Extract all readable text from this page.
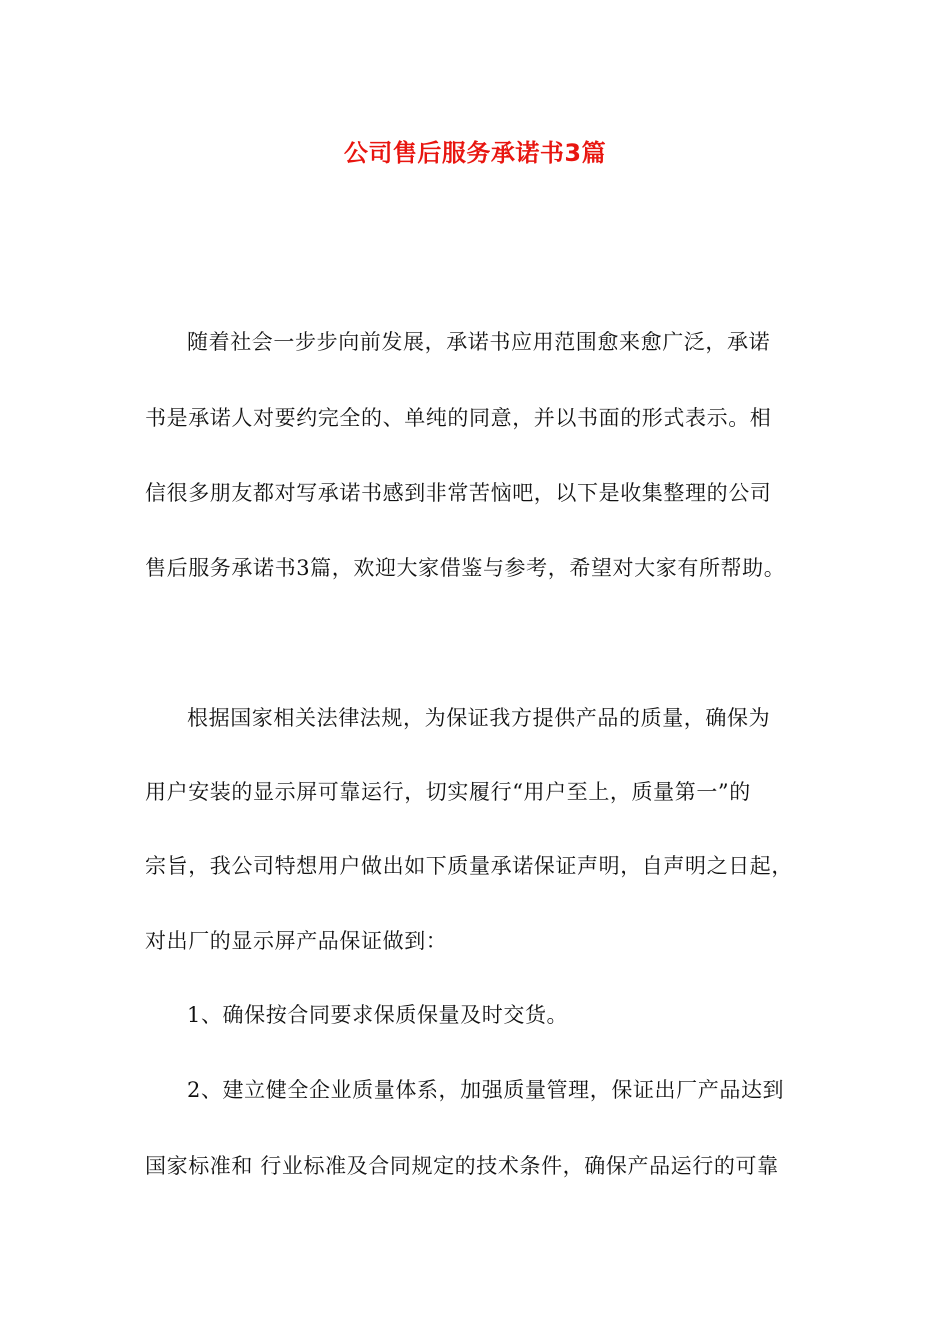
公司售后服务承诺书3篇
随着社会一步步向前发展，承诺书应用范围愈来愈广泛，承诺
书是承诺人对要约完全的、单纯的同意，并以书面的形式表示。相
信很多朋友都对写承诺书感到非常苦恼吧，以下是收集整理的公司
售后服务承诺书3篇，欢迎大家借鉴与参考，希望对大家有所帮助。
根据国家相关法律法规，为保证我方提供产品的质量，确保为
用户安装的显示屏可靠运行，切实履行“用户至上，质量第一”的
宗旨，我公司特想用户做出如下质量承诺保证声明，自声明之日起，
对出厂的显示屏产品保证做到：
1、确保按合同要求保质保量及时交货。
2、建立健全企业质量体系，加强质量管理，保证出厂产品达到
国家标准和 行业标准及合同规定的技术条件，确保产品运行的可靠
